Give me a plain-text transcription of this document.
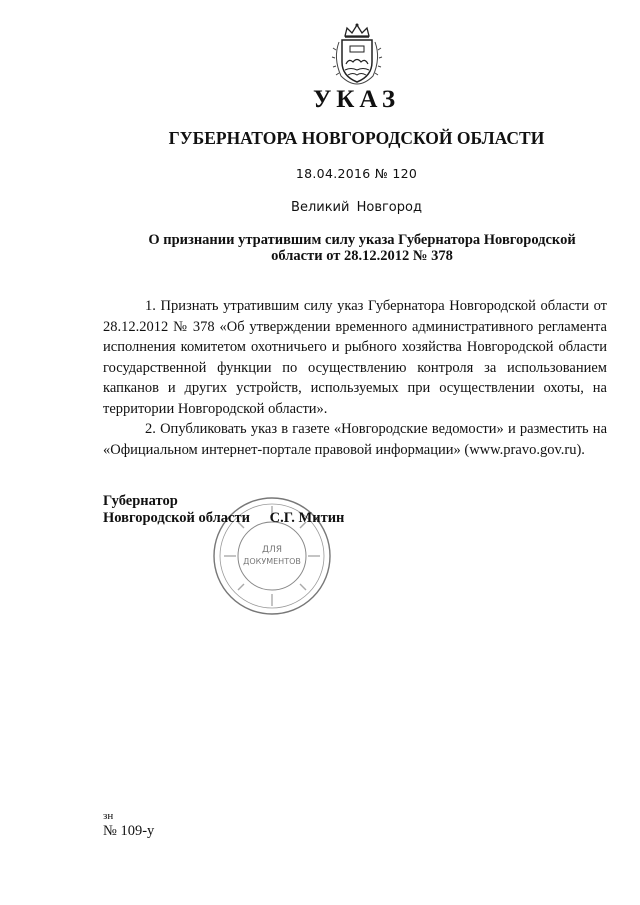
УКАЗ
ГУБЕРНАТОРА НОВГОРОДСКОЙ ОБЛАСТИ
18.04.2016 № 120
Великий Новгород
О признании утратившим силу указа Губернатора Новгородской области от 28.12.2012 № 378

1. Признать утратившим силу указ Губернатора Новгородской области от 28.12.2012 № 378 «Об утверждении временного административного регламента исполнения комитетом охотничьего и рыбного хозяйства Новгородской области государственной функции по осуществлению контроля за использованием капканов и других устройств, используемых при осуществлении охоты, на территории Новгородской области».

2. Опубликовать указ в газете «Новгородские ведомости» и разместить на «Официальном интернет-портале правовой информации» (www.pravo.gov.ru).

ДЛЯ
ДОКУМЕНТОВ
Губернатор
Новгородской области С.Г. Митин
зн
№ 109-у
